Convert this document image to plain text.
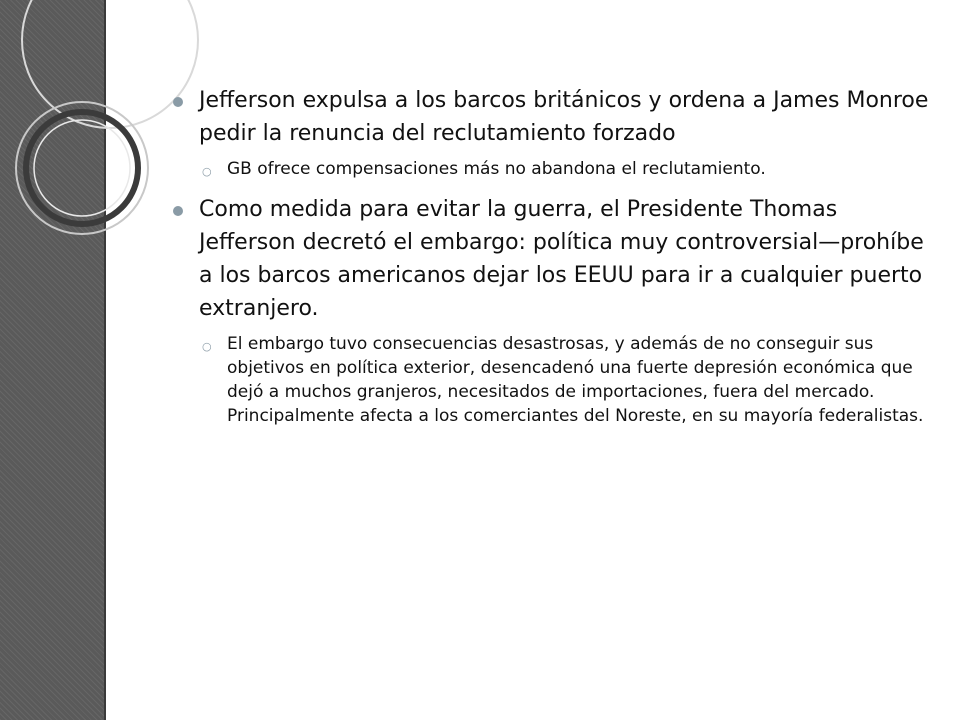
Jefferson expulsa a los barcos británicos y ordena a James Monroe pedir la renuncia del reclutamiento forzado
○ GB ofrece compensaciones más no abandona el reclutamiento.
Como medida para evitar la guerra, el Presidente Thomas Jefferson decretó el embargo: política muy controversial—prohíbe a los barcos americanos dejar los EEUU para ir a cualquier puerto extranjero.
○ El embargo tuvo consecuencias desastrosas, y además de no conseguir sus objetivos en política exterior, desencadenó una fuerte depresión económica que dejó a muchos granjeros, necesitados de importaciones, fuera del mercado. Principalmente afecta a los comerciantes del Noreste, en su mayoría federalistas.
